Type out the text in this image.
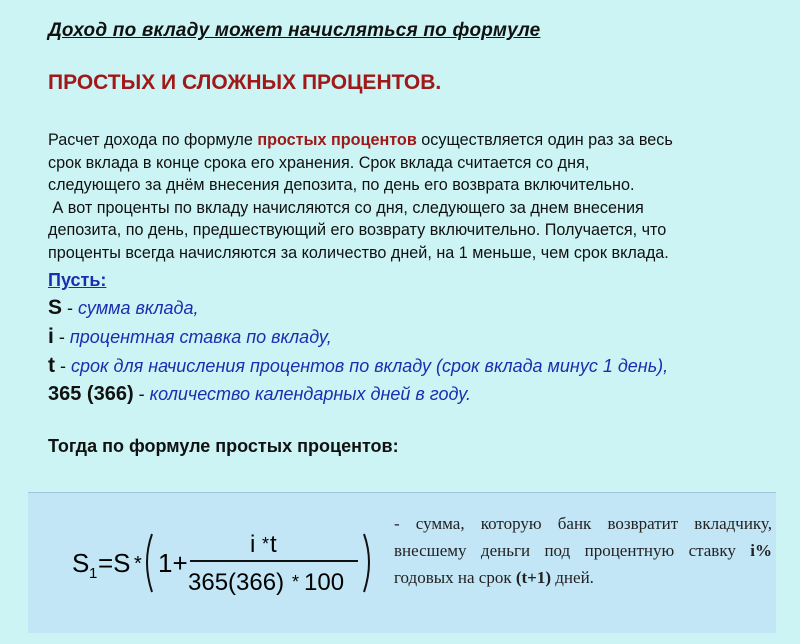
Доход по вкладу может начисляться по формуле
ПРОСТЫХ И СЛОЖНЫХ ПРОЦЕНТОВ.
Расчет дохода по формуле простых процентов осуществляется один раз за весь
срок вклада в конце срока его хранения. Срок вклада считается со дня,
следующего за днём внесения депозита, по день его возврата включительно.
А вот проценты по вкладу начисляются со дня, следующего за днем внесения
депозита, по день, предшествующий его возврату включительно. Получается, что
проценты всегда начисляются за количество дней, на 1 меньше, чем срок вклада.
Пусть:
S - сумма вклада,
i - процентная ставка по вкладу,
t - срок для начисления процентов по вкладу (срок вклада минус 1 день),
365 (366) - количество календарных дней в году.
Тогда по формуле простых процентов:
S 1 =S * 1+
i * t
365(366) * 100
- сумма, которую банк возвратит вкладчику, внесшему деньги под процентную ставку i% годовых на срок (t+1) дней.
